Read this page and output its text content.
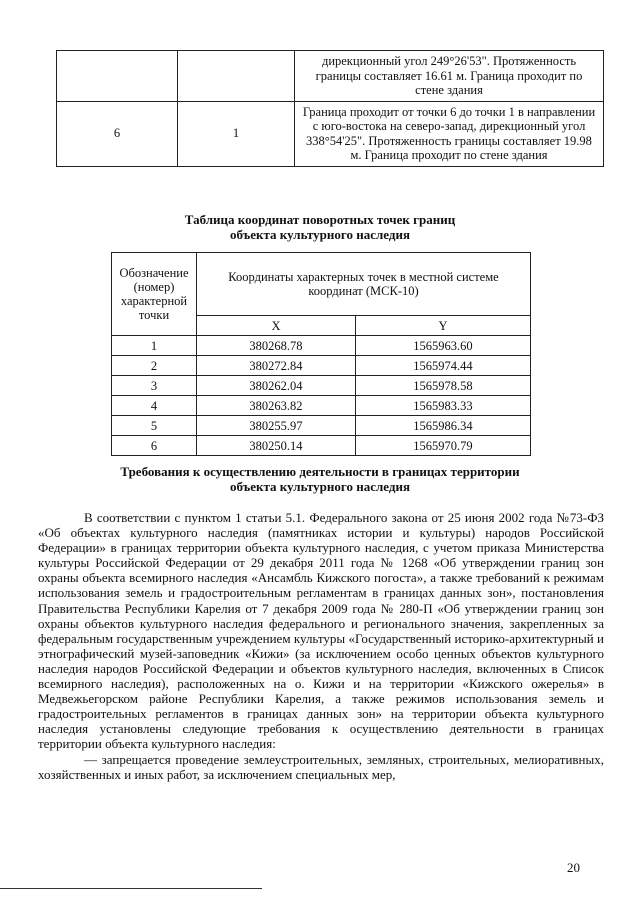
		дирекционный угол 249°26'53". Протяженность границы составляет 16.61 м. Граница проходит по стене здания
6	1	Граница проходит от точки 6 до точки 1 в направлении с юго-востока на северо-запад, дирекционный угол 338°54'25". Протяженность границы составляет 19.98 м. Граница проходит по стене здания
Таблица координат поворотных точек границ
объекта культурного наследия
Обозначение (номер) характерной точки	Координаты характерных точек в местной системе координат (МСК-10)	
	X	Y
1	380268.78	1565963.60
2	380272.84	1565974.44
3	380262.04	1565978.58
4	380263.82	1565983.33
5	380255.97	1565986.34
6	380250.14	1565970.79
Требования к осуществлению деятельности в границах территории
объекта культурного наследия

В соответствии с пунктом 1 статьи 5.1. Федерального закона от 25 июня 2002 года №73-ФЗ «Об объектах культурного наследия (памятниках истории и культуры) народов Российской Федерации» в границах территории объекта культурного наследия, с учетом приказа Министерства культуры Российской Федерации от 29 декабря 2011 года № 1268 «Об утверждении границ зон охраны объекта всемирного наследия «Ансамбль Кижского погоста», а также требований к режимам использования земель и градостроительным регламентам в границах данных зон», постановления Правительства Республики Карелия от 7 декабря 2009 года № 280-П «Об утверждении границ зон охраны объектов культурного наследия федерального и регионального значения, закрепленных за федеральным государственным учреждением культуры «Государственный историко-архитектурный и этнографический музей-заповедник «Кижи» (за исключением особо ценных объектов культурного наследия народов Российской Федерации и объектов культурного наследия, включенных в Список всемирного наследия), расположенных на о. Кижи и на территории «Кижского ожерелья» в Медвежьегорском районе Республики Карелия, а также режимов использования земель и градостроительных регламентов в границах данных зон» на территории объекта культурного наследия установлены следующие требования к осуществлению деятельности в границах территории объекта культурного наследия:

— запрещается проведение землеустроительных, земляных, строительных, мелиоративных, хозяйственных и иных работ, за исключением специальных мер,

20
